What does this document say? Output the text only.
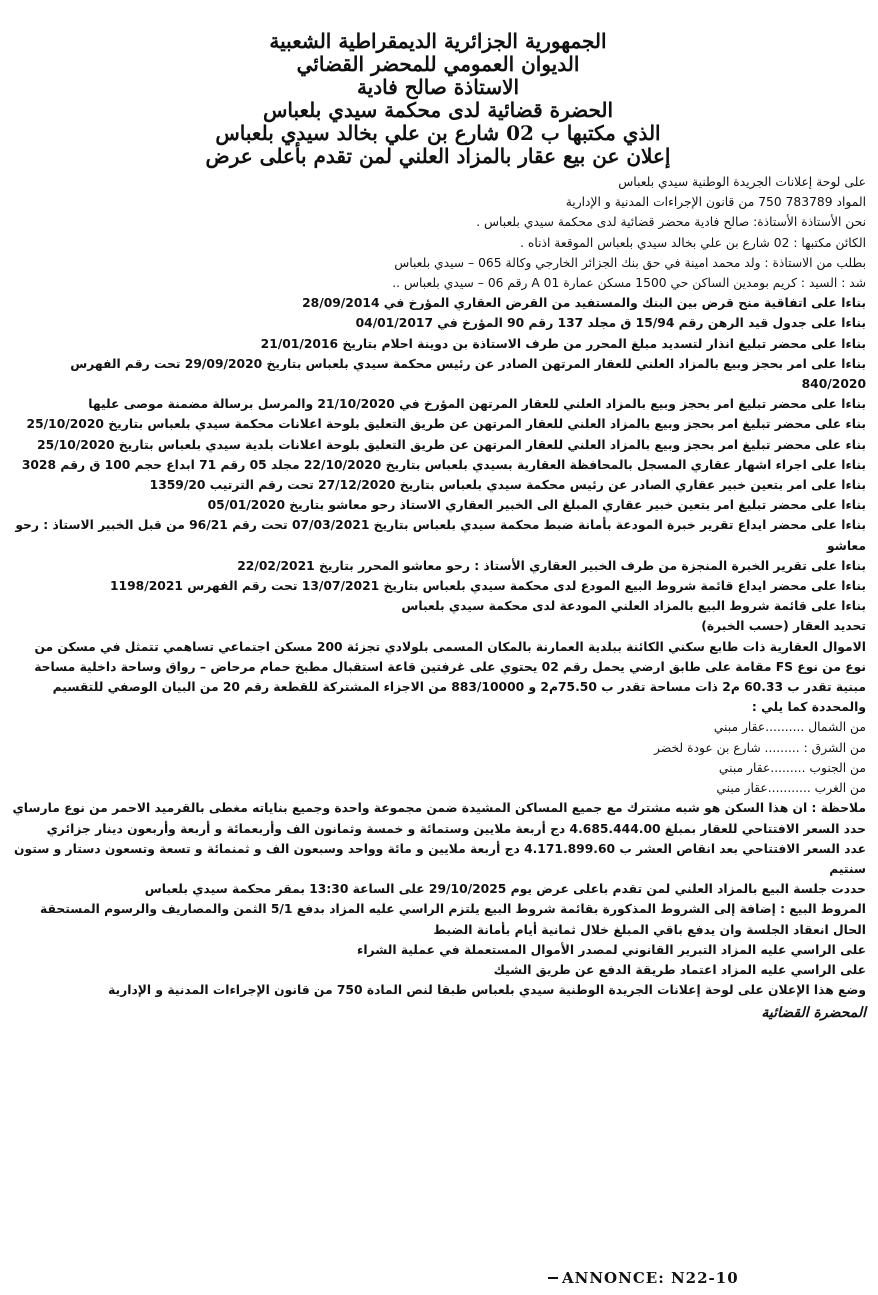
الجمهورية الجزائرية الديمقراطية الشعبية
الديوان العمومي للمحضر القضائي
الاستاذة صالح فادية
الحضرة قضائية لدى محكمة سيدي بلعباس
الذي مكتبها ب 02 شارع بن علي بخالد سيدي بلعباس
إعلان عن بيع عقار بالمزاد العلني لمن تقدم بأعلى عرض

على لوحة إعلانات الجريدة الوطنية سيدي بلعباس

المواد 783789 750 من قانون الإجراءات المدنية و الإدارية

نحن الأستاذة الأستاذة: صالح فادية محضر قضائية لدى محكمة سيدي بلعباس .

الكائن مكتبها : 02 شارع بن علي بخالد سيدي بلعباس الموقعة اذناه .

بطلب من الاستاذة : ولد محمد امينة في حق بنك الجزائر الخارجي وكالة 065 – سيدي بلعباس

شد : السيد : كريم بومدين الساكن حي 1500 مسكن عمارة A 01 رقم 06 – سيدي بلعباس ..

بناءا على اتفاقية منح قرض بين البنك والمستفيد من القرض العقاري المؤرخ في 28/09/2014

بناءا على جدول قيد الرهن رقم 15/94 ق مجلد 137 رقم 90 المؤرخ في 04/01/2017

بناءا على محضر تبليغ انذار لتسديد مبلغ المحرر من طرف الاستاذة بن دوينة احلام بتاريخ 21/01/2016

بناءا على امر بحجز وبيع بالمزاد العلني للعقار المرتهن الصادر عن رئيس محكمة سيدي بلعباس بتاريخ 29/09/2020 تحت رقم الفهرس 840/2020

بناءا على محضر تبليغ امر بحجز وبيع بالمزاد العلني للعقار المرتهن المؤرخ في 21/10/2020 والمرسل برسالة مضمنة موصى عليها

بناء على محضر تبليغ امر بحجز وبيع بالمزاد العلني للعقار المرتهن عن طريق التعليق بلوحة اعلانات محكمة سيدي بلعباس بتاريخ 25/10/2020

بناء على محضر تبليغ امر بحجز وبيع بالمزاد العلني للعقار المرتهن عن طريق التعليق بلوحة اعلانات بلدية سيدي بلعباس بتاريخ 25/10/2020

بناءا على اجراء اشهار عقاري المسجل بالمحافظة العقارية بسيدي بلعباس بتاريخ 22/10/2020 مجلد 05 رقم 71 ابداع حجم 100 ق رقم 3028

بناءا على امر بتعين خبير عقاري الصادر عن رئيس محكمة سيدي بلعباس بتاريخ 27/12/2020 تحت رقم الترتيب 1359/20

بناءا على محضر تبليغ امر بتعين خبير عقاري المبلغ الى الخبير العقاري الاستاذ رحو معاشو بتاريخ 05/01/2020

بناءا على محضر ايداع تقرير خبرة المودعة بأمانة ضبط محكمة سيدي بلعباس بتاريخ 07/03/2021 تحت رقم 96/21 من قبل الخبير الاستاذ : رحو معاشو

بناءا على تقرير الخبرة المنجزة من طرف الخبير العقاري الأستاذ : رحو معاشو المحرر بتاريخ 22/02/2021

بناءا على محضر ايداع قائمة شروط البيع المودع لدى محكمة سيدي بلعباس بتاريخ 13/07/2021 تحت رقم الفهرس 1198/2021

بناءا على قائمة شروط البيع بالمزاد العلني المودعة لدى محكمة سيدي بلعباس

تحديد العقار (حسب الخبرة)

الاموال العقارية ذات طابع سكني الكائنة ببلدية العمارنة بالمكان المسمى بلولادي تجزئة 200 مسكن اجتماعي تساهمي تتمثل في مسكن من نوع من نوع FS مقامة على طابق ارضي يحمل رقم 02 يحتوي على غرفتين قاعة استقبال مطبخ حمام مرحاض – رواق وساحة داخلية مساحة مبنية تقدر ب 60.33 م2 ذات مساحة تقدر ب 75.50م2 و 883/10000 من الاجزاء المشتركة للقطعة رقم 20 من البيان الوصفي للتقسيم والمحددة كما يلي :

من الشمال ..........عقار مبني

من الشرق : ......... شارع بن عودة لخضر

من الجنوب .........عقار مبني

من الغرب ...........عقار مبني

ملاحظة : ان هذا السكن هو شبه مشترك مع جميع المساكن المشيدة ضمن مجموعة واحدة وجميع بناياته مغطى بالقرميد الاحمر من نوع مارساي حدد السعر الافتتاحي للعقار بمبلغ 4.685.444.00 دج أربعة ملايين وستمائة و خمسة وثمانون الف وأربعمائة و أربعة وأربعون دينار جزائري

عدد السعر الافتتاحي بعد انقاص العشر ب 4.171.899.60 دج أربعة ملايين و مائة وواحد وسبعون الف و ثمنمائة و تسعة وتسعون دستار و ستون سنتيم

حددت جلسة البيع بالمزاد العلني لمن تقدم باعلى عرض يوم 29/10/2025 على الساعة 13:30 بمقر محكمة سيدي بلعباس

المروط البيع : إضافة إلى الشروط المذكورة بقائمة شروط البيع يلتزم الراسي عليه المزاد بدفع 5/1 الثمن والمصاريف والرسوم المستحقة الحال انعقاد الجلسة وان يدفع باقي المبلغ خلال ثمانية أيام بأمانة الضبط

على الراسي عليه المزاد التبرير القانوني لمصدر الأموال المستعملة في عملية الشراء

على الراسي عليه المزاد اعتماد طريقة الدفع عن طريق الشيك

وضع هذا الإعلان على لوحة إعلانات الجريدة الوطنية سيدي بلعباس طبقا لنص المادة 750 من قانون الإجراءات المدنية و الإدارية

المحضرة القضائية
ANNONCE: N22-10
